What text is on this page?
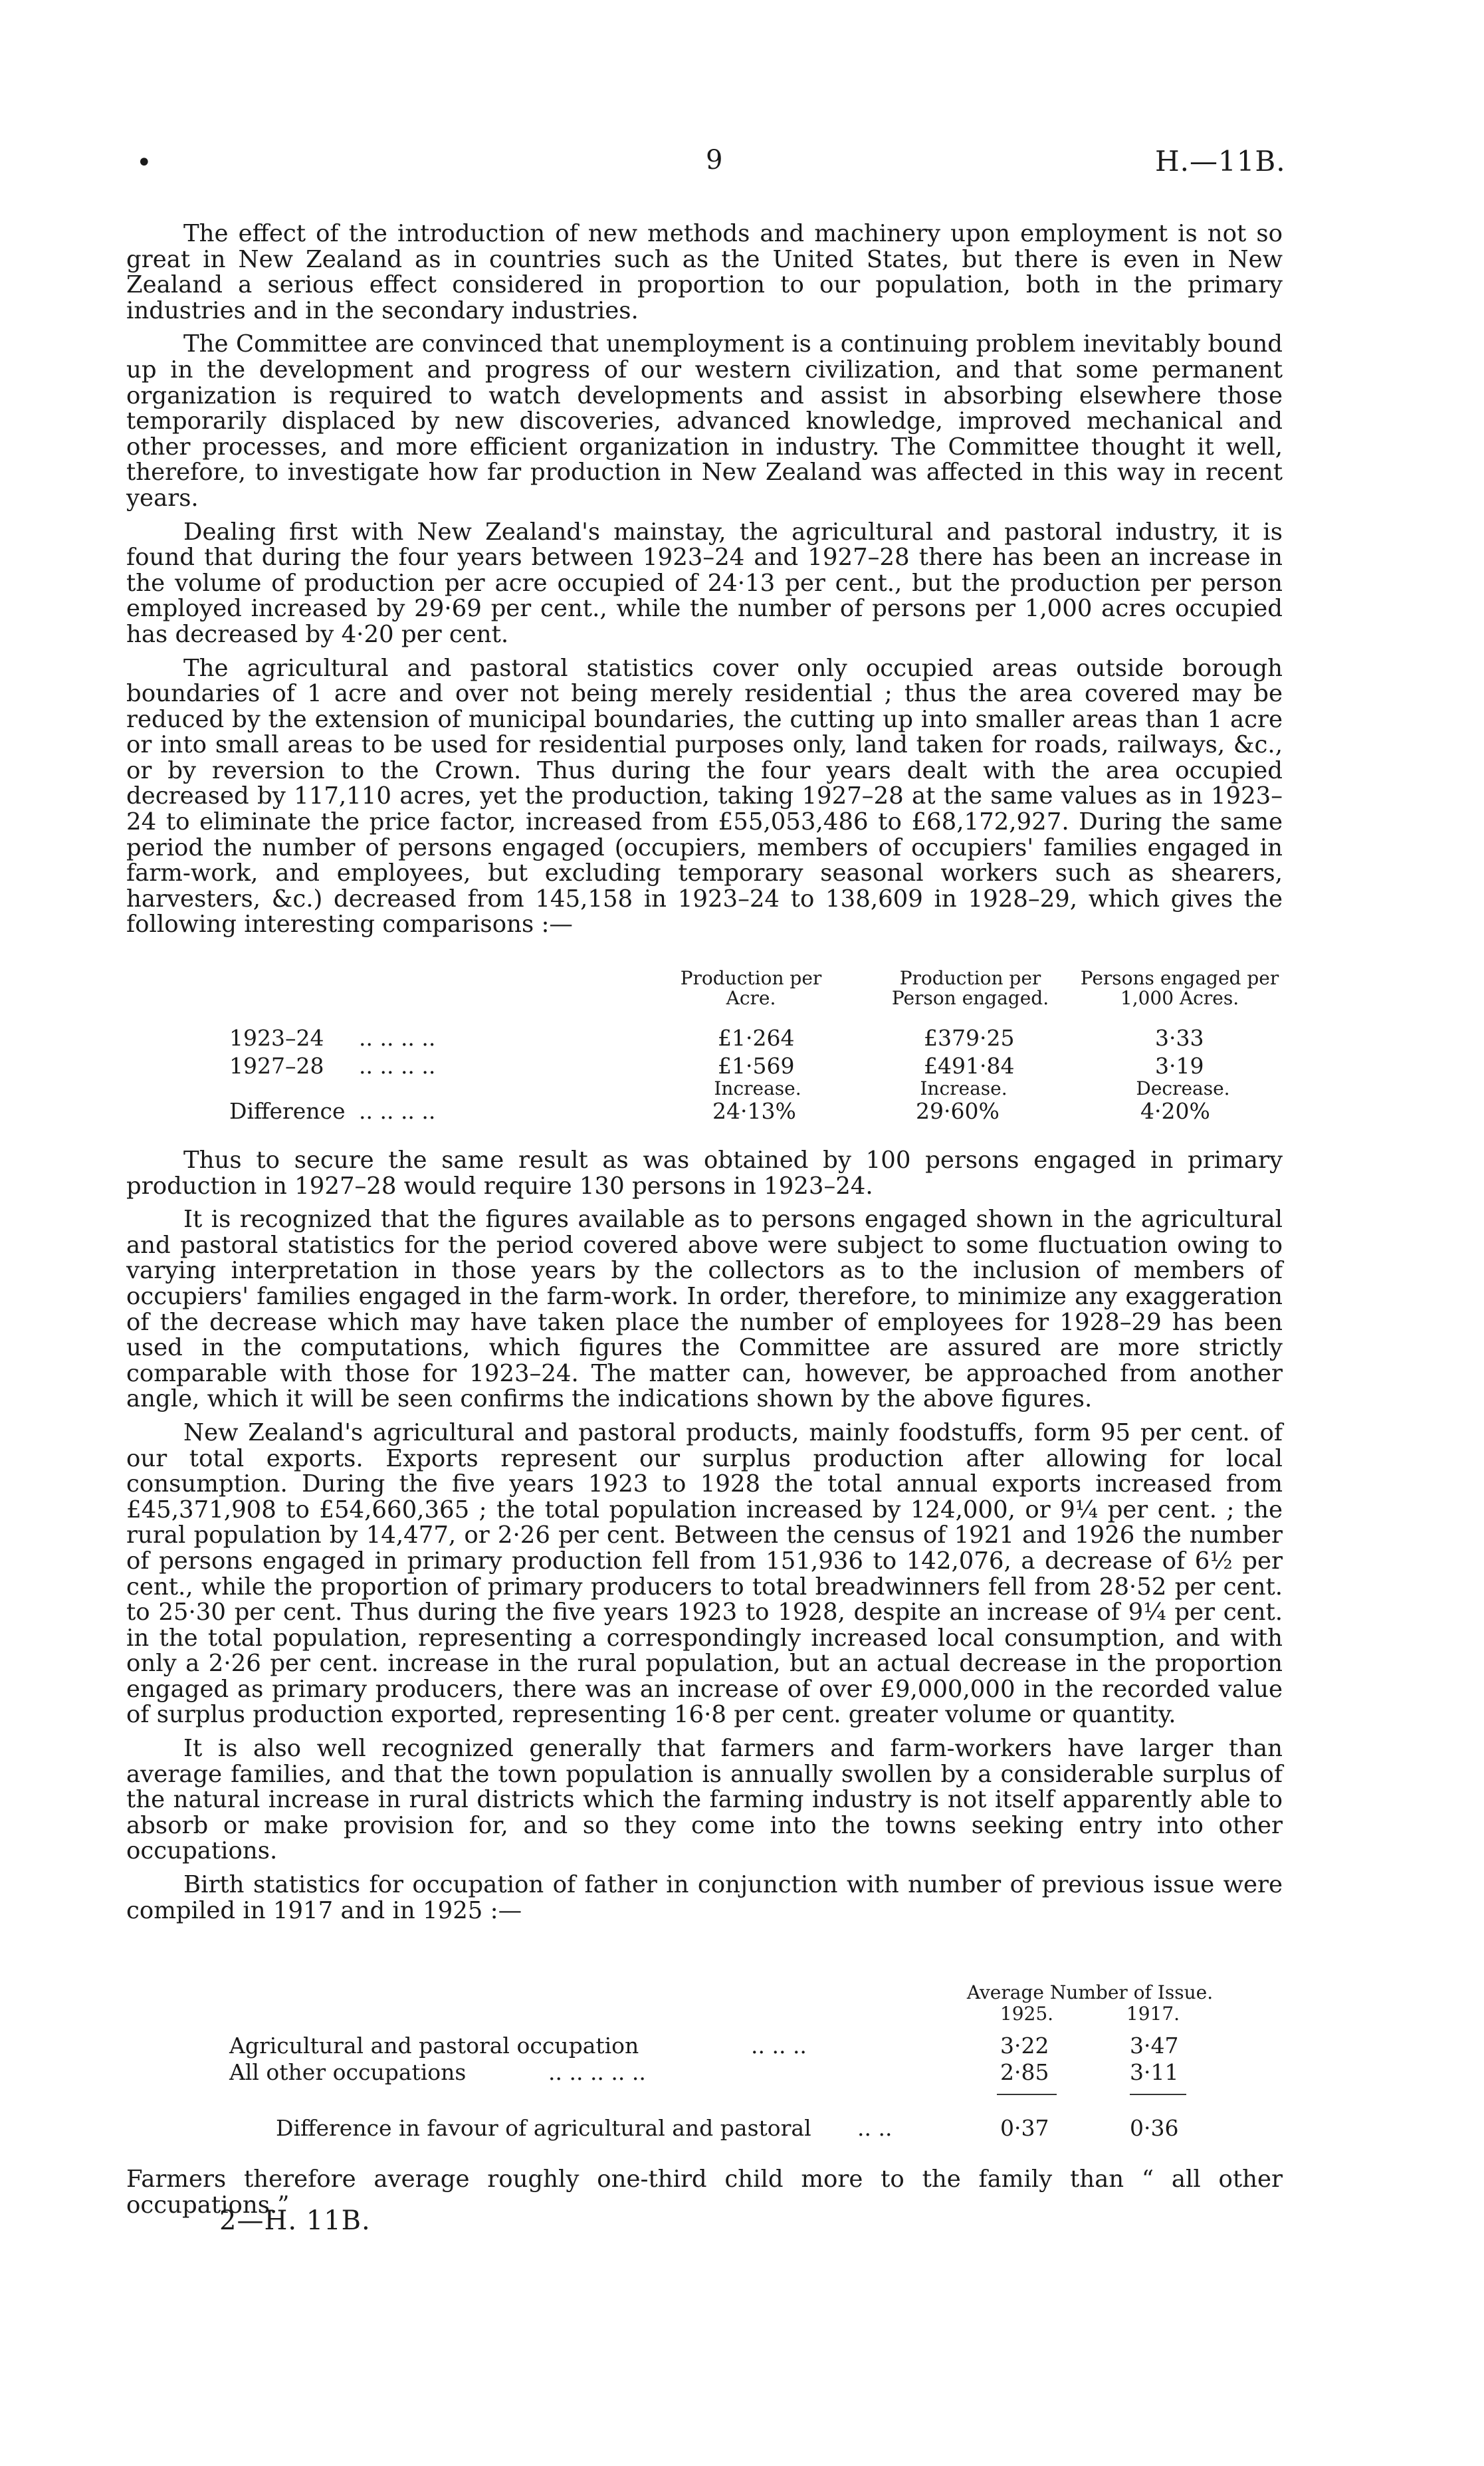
•	9	H.—11B.

The effect of the introduction of new methods and machinery upon employment is not so great in New Zealand as in countries such as the United States, but there is even in New Zealand a serious effect considered in proportion to our population, both in the primary industries and in the secondary industries.

The Committee are convinced that unemployment is a continuing problem inevitably bound up in the development and progress of our western civilization, and that some permanent organization is required to watch developments and assist in absorbing elsewhere those temporarily displaced by new discoveries, advanced knowledge, improved mechanical and other processes, and more efficient organization in industry. The Committee thought it well, therefore, to investigate how far production in New Zealand was affected in this way in recent years.

Dealing first with New Zealand's mainstay, the agricultural and pastoral industry, it is found that during the four years between 1923–24 and 1927–28 there has been an increase in the volume of production per acre occupied of 24·13 per cent., but the production per person employed increased by 29·69 per cent., while the number of persons per 1,000 acres occupied has decreased by 4·20 per cent.

The agricultural and pastoral statistics cover only occupied areas outside borough boundaries of 1 acre and over not being merely residential ; thus the area covered may be reduced by the extension of municipal boundaries, the cutting up into smaller areas than 1 acre or into small areas to be used for residential purposes only, land taken for roads, railways, &c., or by reversion to the Crown. Thus during the four years dealt with the area occupied decreased by 117,110 acres, yet the production, taking 1927–28 at the same values as in 1923–24 to eliminate the price factor, increased from £55,053,486 to £68,172,927. During the same period the number of persons engaged (occupiers, members of occupiers' families engaged in farm-work, and employees, but excluding temporary seasonal workers such as shearers, harvesters, &c.) decreased from 145,158 in 1923–24 to 138,609 in 1928–29, which gives the following interesting comparisons :—

Production per Acre.
Production per Person engaged.
Persons engaged per 1,000 Acres.
1923–24 .. .. .. ..	£1·264	£379·25	3·33
1927–28 .. .. .. ..	£1·569	£491·84	3·19
Increase.	Increase.	Decrease.
Difference .. .. .. ..	24·13%	29·60%	4·20%

Thus to secure the same result as was obtained by 100 persons engaged in primary production in 1927–28 would require 130 persons in 1923–24.

It is recognized that the figures available as to persons engaged shown in the agricultural and pastoral statistics for the period covered above were subject to some fluctuation owing to varying interpretation in those years by the collectors as to the inclusion of members of occupiers' families engaged in the farm-work. In order, therefore, to minimize any exaggeration of the decrease which may have taken place the number of employees for 1928–29 has been used in the computations, which figures the Committee are assured are more strictly comparable with those for 1923–24. The matter can, however, be approached from another angle, which it will be seen confirms the indications shown by the above figures.

New Zealand's agricultural and pastoral products, mainly foodstuffs, form 95 per cent. of our total exports. Exports represent our surplus production after allowing for local consumption. During the five years 1923 to 1928 the total annual exports increased from £45,371,908 to £54,660,365 ; the total population increased by 124,000, or 9¼ per cent. ; the rural population by 14,477, or 2·26 per cent. Between the census of 1921 and 1926 the number of persons engaged in primary production fell from 151,936 to 142,076, a decrease of 6½ per cent., while the proportion of primary producers to total breadwinners fell from 28·52 per cent. to 25·30 per cent. Thus during the five years 1923 to 1928, despite an increase of 9¼ per cent. in the total population, representing a correspondingly increased local consumption, and with only a 2·26 per cent. increase in the rural population, but an actual decrease in the proportion engaged as primary producers, there was an increase of over £9,000,000 in the recorded value of surplus production exported, representing 16·8 per cent. greater volume or quantity.

It is also well recognized generally that farmers and farm-workers have larger than average families, and that the town population is annually swollen by a considerable surplus of the natural increase in rural districts which the farming industry is not itself apparently able to absorb or make provision for, and so they come into the towns seeking entry into other occupations.

Birth statistics for occupation of father in conjunction with number of previous issue were compiled in 1917 and in 1925 :—

Average Number of Issue.
1925.	1917.
Agricultural and pastoral occupation	.. .. ..	3·22	3·47
All other occupations	.. .. .. .. ..	2·85	3·11
Difference in favour of agricultural and pastoral .. ..	0·37	0·36

Farmers therefore average roughly one-third child more to the family than “ all other occupations.”

2—H. 11B.
